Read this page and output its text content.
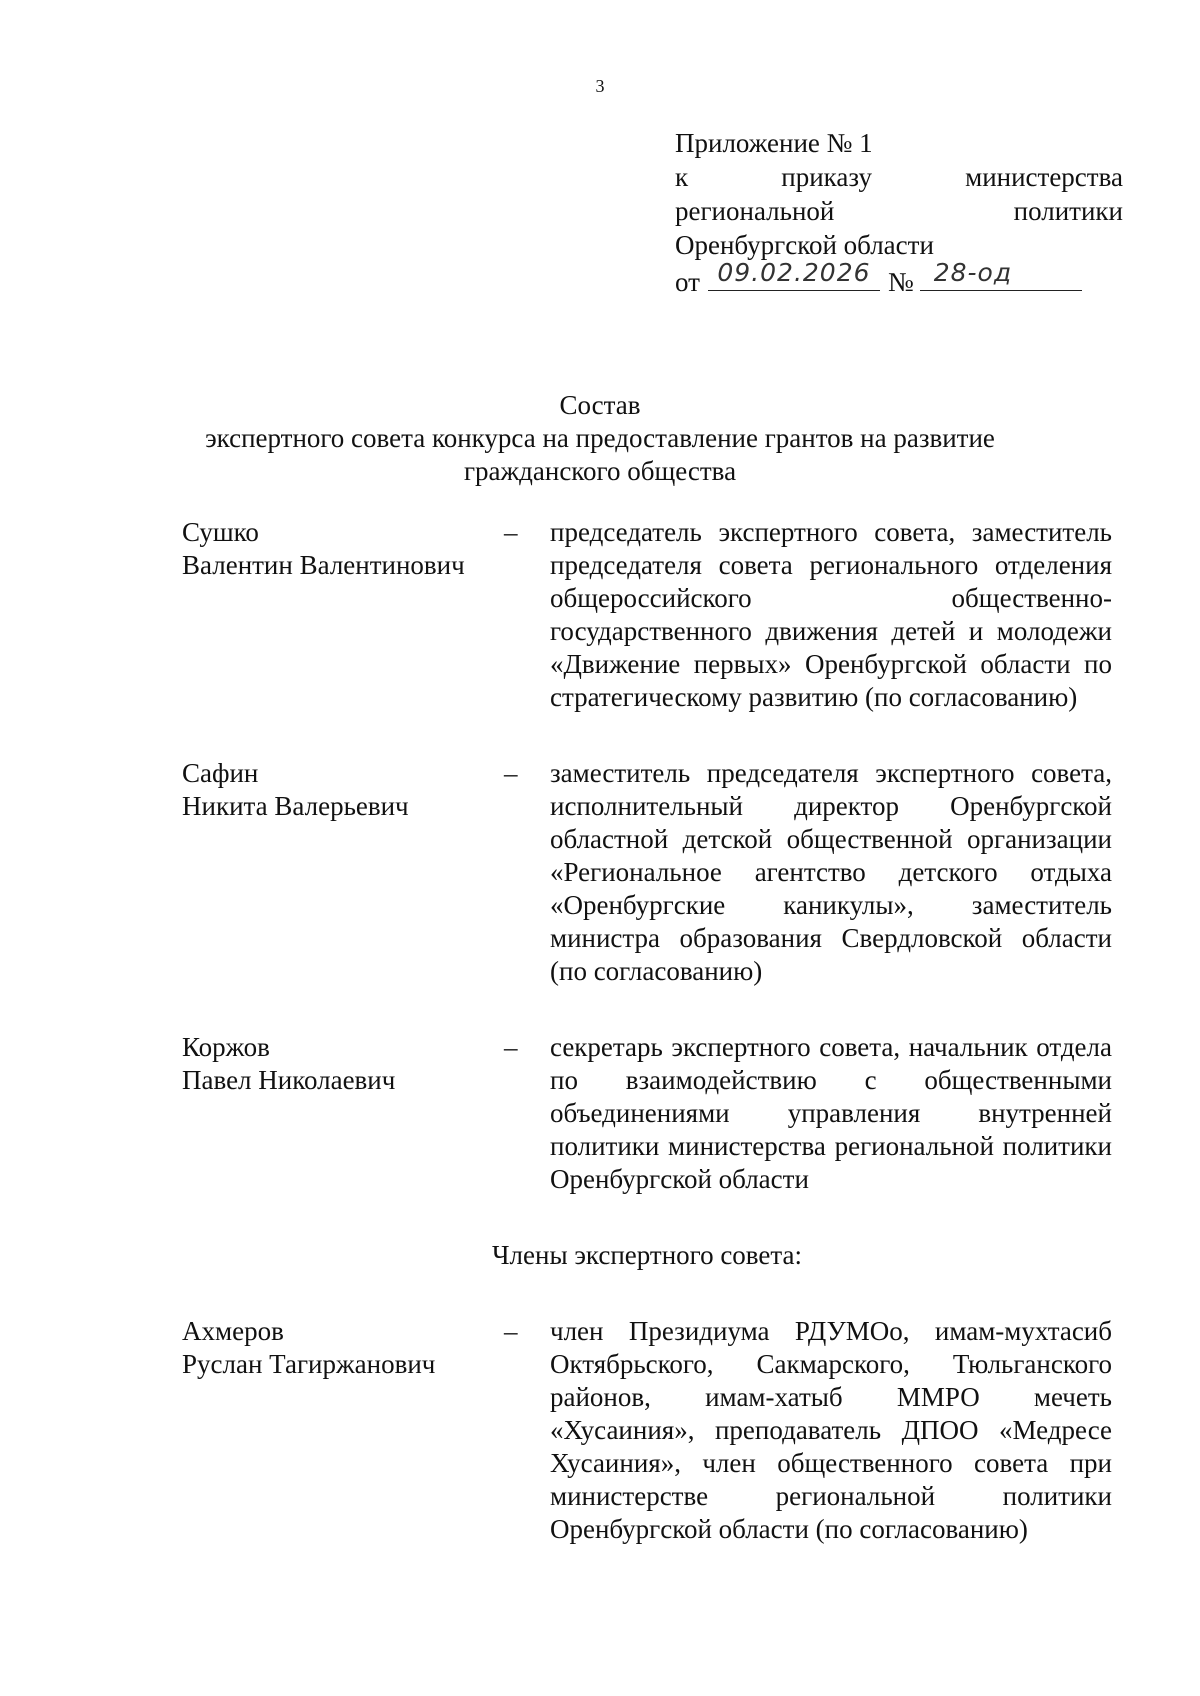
3
Приложение № 1
к	приказу	министерства
региональной	политики
Оренбургской области
от 09.02.2026 № 28-од
Состав
экспертного совета конкурса на предоставление грантов на развитие
гражданского общества
Сушко
Валентин Валентинович
–	председатель экспертного совета, заместитель председателя совета регионального отделения общероссийского общественно-государственного движения детей и молодежи «Движение первых» Оренбургской области по стратегическому развитию (по согласованию)
Сафин
Никита Валерьевич
–	заместитель председателя экспертного совета, исполнительный директор Оренбургской областной детской общественной организации «Региональное агентство детского отдыха «Оренбургские каникулы», заместитель министра образования Свердловской области (по согласованию)
Коржов
Павел Николаевич
–	секретарь экспертного совета, начальник отдела по взаимодействию с общественными объединениями управления внутренней политики министерства региональной политики Оренбургской области
Члены экспертного совета:
Ахмеров
Руслан Тагиржанович
–	член Президиума РДУМОо, имам-мухтасиб Октябрьского, Сакмарского, Тюльганского районов, имам-хатыб ММРО мечеть «Хусаиния», преподаватель ДПОО «Медресе Хусаиния», член общественного совета при министерстве региональной политики Оренбургской области (по согласованию)
